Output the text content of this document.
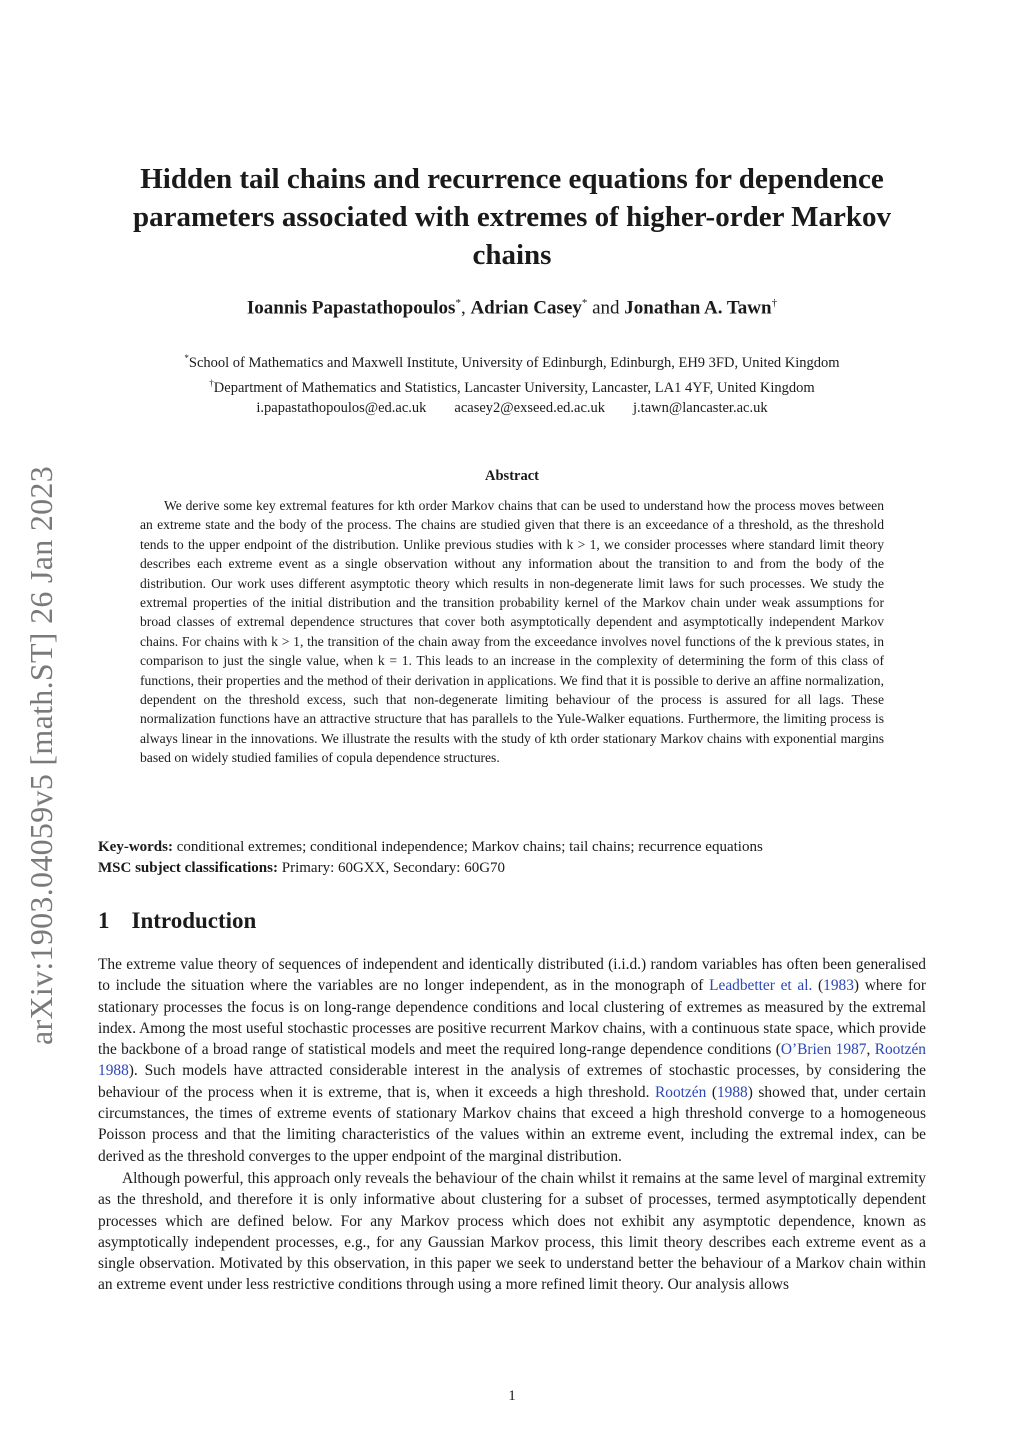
arXiv:1903.04059v5 [math.ST] 26 Jan 2023
Hidden tail chains and recurrence equations for dependence parameters associated with extremes of higher-order Markov chains
Ioannis Papastathopoulos*, Adrian Casey* and Jonathan A. Tawn†
*School of Mathematics and Maxwell Institute, University of Edinburgh, Edinburgh, EH9 3FD, United Kingdom
†Department of Mathematics and Statistics, Lancaster University, Lancaster, LA1 4YF, United Kingdom
i.papastathopoulos@ed.ac.uk acasey2@exseed.ed.ac.uk j.tawn@lancaster.ac.uk
Abstract

We derive some key extremal features for kth order Markov chains that can be used to understand how the process moves between an extreme state and the body of the process. The chains are studied given that there is an exceedance of a threshold, as the threshold tends to the upper endpoint of the distribution. Unlike previous studies with k > 1, we consider processes where standard limit theory describes each extreme event as a single observation without any information about the transition to and from the body of the distribution. Our work uses different asymptotic theory which results in non-degenerate limit laws for such processes. We study the extremal properties of the initial distribution and the transition probability kernel of the Markov chain under weak assumptions for broad classes of extremal dependence structures that cover both asymptotically dependent and asymptotically independent Markov chains. For chains with k > 1, the transition of the chain away from the exceedance involves novel functions of the k previous states, in comparison to just the single value, when k = 1. This leads to an increase in the complexity of determining the form of this class of functions, their properties and the method of their derivation in applications. We find that it is possible to derive an affine normalization, dependent on the threshold excess, such that non-degenerate limiting behaviour of the process is assured for all lags. These normalization functions have an attractive structure that has parallels to the Yule-Walker equations. Furthermore, the limiting process is always linear in the innovations. We illustrate the results with the study of kth order stationary Markov chains with exponential margins based on widely studied families of copula dependence structures.

Key-words: conditional extremes; conditional independence; Markov chains; tail chains; recurrence equations
MSC subject classifications: Primary: 60GXX, Secondary: 60G70
1 Introduction

The extreme value theory of sequences of independent and identically distributed (i.i.d.) random variables has often been generalised to include the situation where the variables are no longer independent, as in the monograph of Leadbetter et al. (1983) where for stationary processes the focus is on long-range dependence conditions and local clustering of extremes as measured by the extremal index. Among the most useful stochastic processes are positive recurrent Markov chains, with a continuous state space, which provide the backbone of a broad range of statistical models and meet the required long-range dependence conditions (O’Brien 1987, Rootzén 1988). Such models have attracted considerable interest in the analysis of extremes of stochastic processes, by considering the behaviour of the process when it is extreme, that is, when it exceeds a high threshold. Rootzén (1988) showed that, under certain circumstances, the times of extreme events of stationary Markov chains that exceed a high threshold converge to a homogeneous Poisson process and that the limiting characteristics of the values within an extreme event, including the extremal index, can be derived as the threshold converges to the upper endpoint of the marginal distribution.

Although powerful, this approach only reveals the behaviour of the chain whilst it remains at the same level of marginal extremity as the threshold, and therefore it is only informative about clustering for a subset of processes, termed asymptotically dependent processes which are defined below. For any Markov process which does not exhibit any asymptotic dependence, known as asymptotically independent processes, e.g., for any Gaussian Markov process, this limit theory describes each extreme event as a single observation. Motivated by this observation, in this paper we seek to understand better the behaviour of a Markov chain within an extreme event under less restrictive conditions through using a more refined limit theory. Our analysis allows

1
